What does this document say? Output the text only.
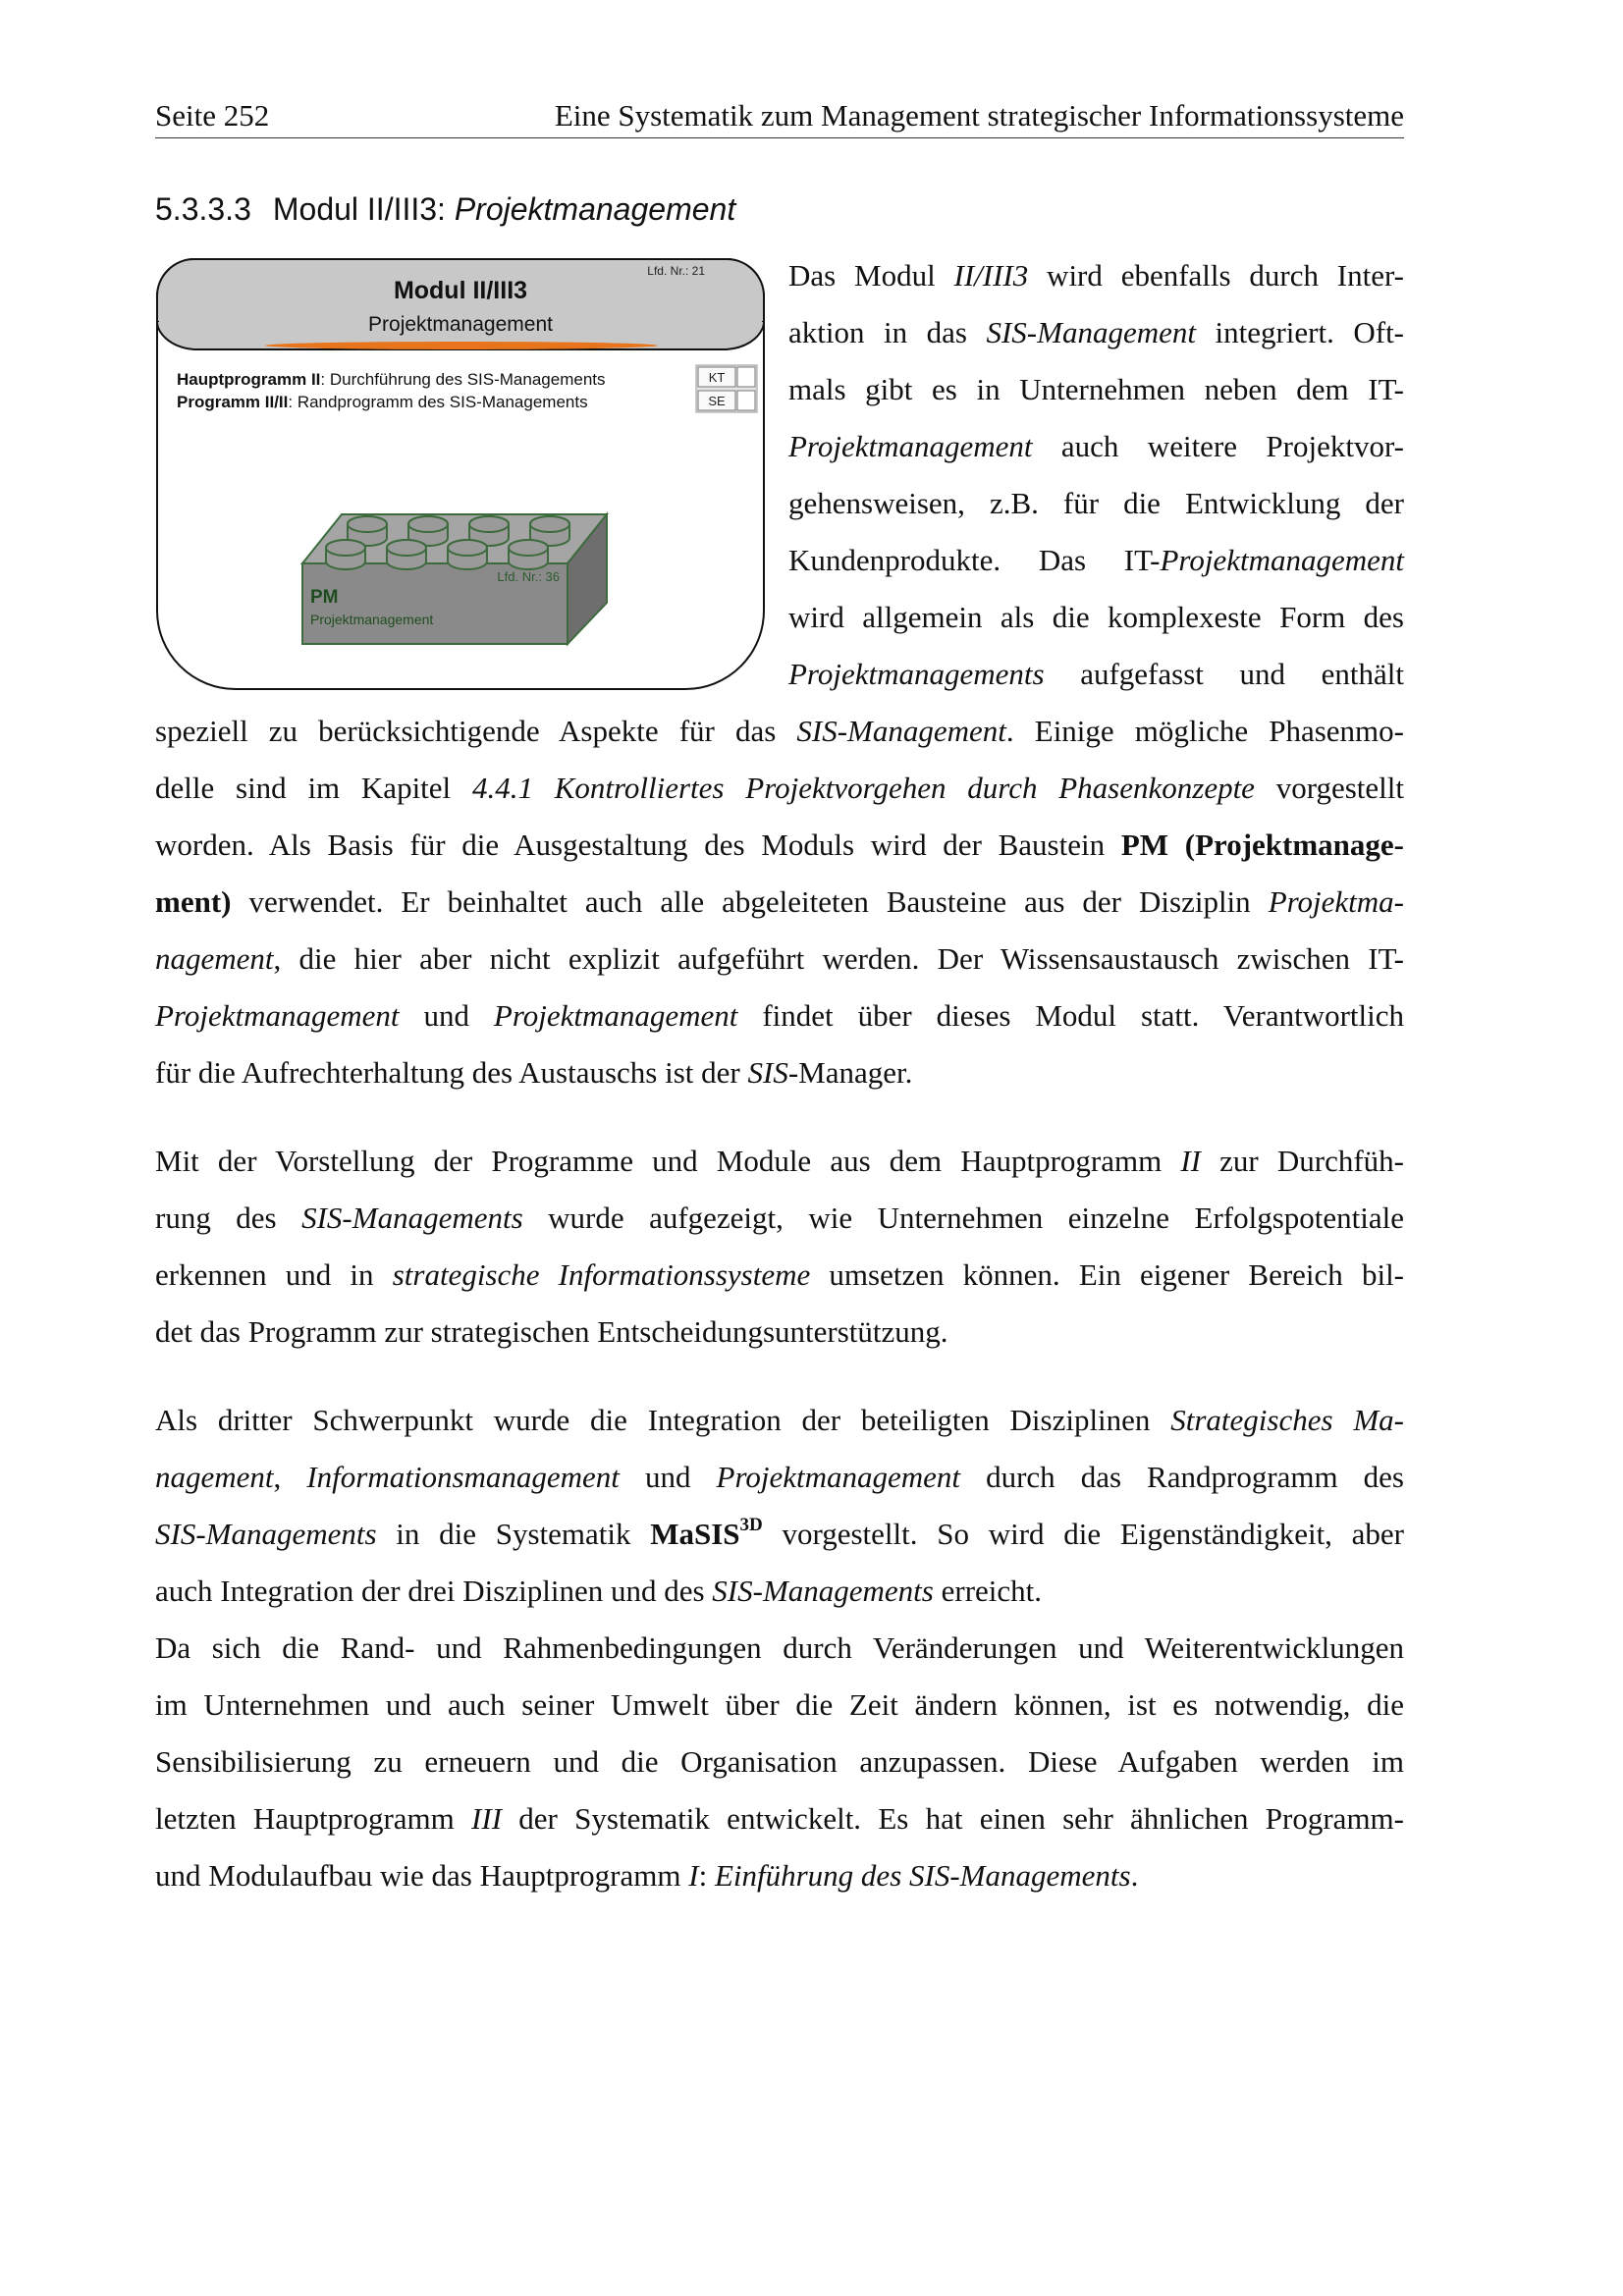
Seite 252	Eine Systematik zum Management strategischer Informationssysteme
5.3.3.3 Modul II/III3: Projektmanagement
Lfd. Nr.: 21
Modul II/III3
Projektmanagement
Hauptprogramm II: Durchführung des SIS-Managements
Programm II/II: Randprogramm des SIS-Managements
KT
SE
Lfd. Nr.: 36
PM
Projektmanagement
Das Modul II/III3 wird ebenfalls durch Inter-
aktion in das SIS-Management integriert. Oft-
mals gibt es in Unternehmen neben dem IT-
Projektmanagement auch weitere Projektvor-
gehensweisen, z.B. für die Entwicklung der
Kundenprodukte. Das IT-Projektmanagement
wird allgemein als die komplexeste Form des
Projektmanagements aufgefasst und enthält
speziell zu berücksichtigende Aspekte für das SIS-Management. Einige mögliche Phasenmo-
delle sind im Kapitel 4.4.1 Kontrolliertes Projektvorgehen durch Phasenkonzepte vorgestellt
worden. Als Basis für die Ausgestaltung des Moduls wird der Baustein PM (Projektmanage-
ment) verwendet. Er beinhaltet auch alle abgeleiteten Bausteine aus der Disziplin Projektma-
nagement, die hier aber nicht explizit aufgeführt werden. Der Wissensaustausch zwischen IT-
Projektmanagement und Projektmanagement findet über dieses Modul statt. Verantwortlich
für die Aufrechterhaltung des Austauschs ist der SIS-Manager.
Mit der Vorstellung der Programme und Module aus dem Hauptprogramm II zur Durchfüh-
rung des SIS-Managements wurde aufgezeigt, wie Unternehmen einzelne Erfolgspotentiale
erkennen und in strategische Informationssysteme umsetzen können. Ein eigener Bereich bil-
det das Programm zur strategischen Entscheidungsunterstützung.
Als dritter Schwerpunkt wurde die Integration der beteiligten Disziplinen Strategisches Ma-
nagement, Informationsmanagement und Projektmanagement durch das Randprogramm des
SIS-Managements in die Systematik MaSIS$^{3D}$ vorgestellt. So wird die Eigenständigkeit, aber
auch Integration der drei Disziplinen und des SIS-Managements erreicht.
Da sich die Rand- und Rahmenbedingungen durch Veränderungen und Weiterentwicklungen
im Unternehmen und auch seiner Umwelt über die Zeit ändern können, ist es notwendig, die
Sensibilisierung zu erneuern und die Organisation anzupassen. Diese Aufgaben werden im
letzten Hauptprogramm III der Systematik entwickelt. Es hat einen sehr ähnlichen Programm-
und Modulaufbau wie das Hauptprogramm I: Einführung des SIS-Managements.
